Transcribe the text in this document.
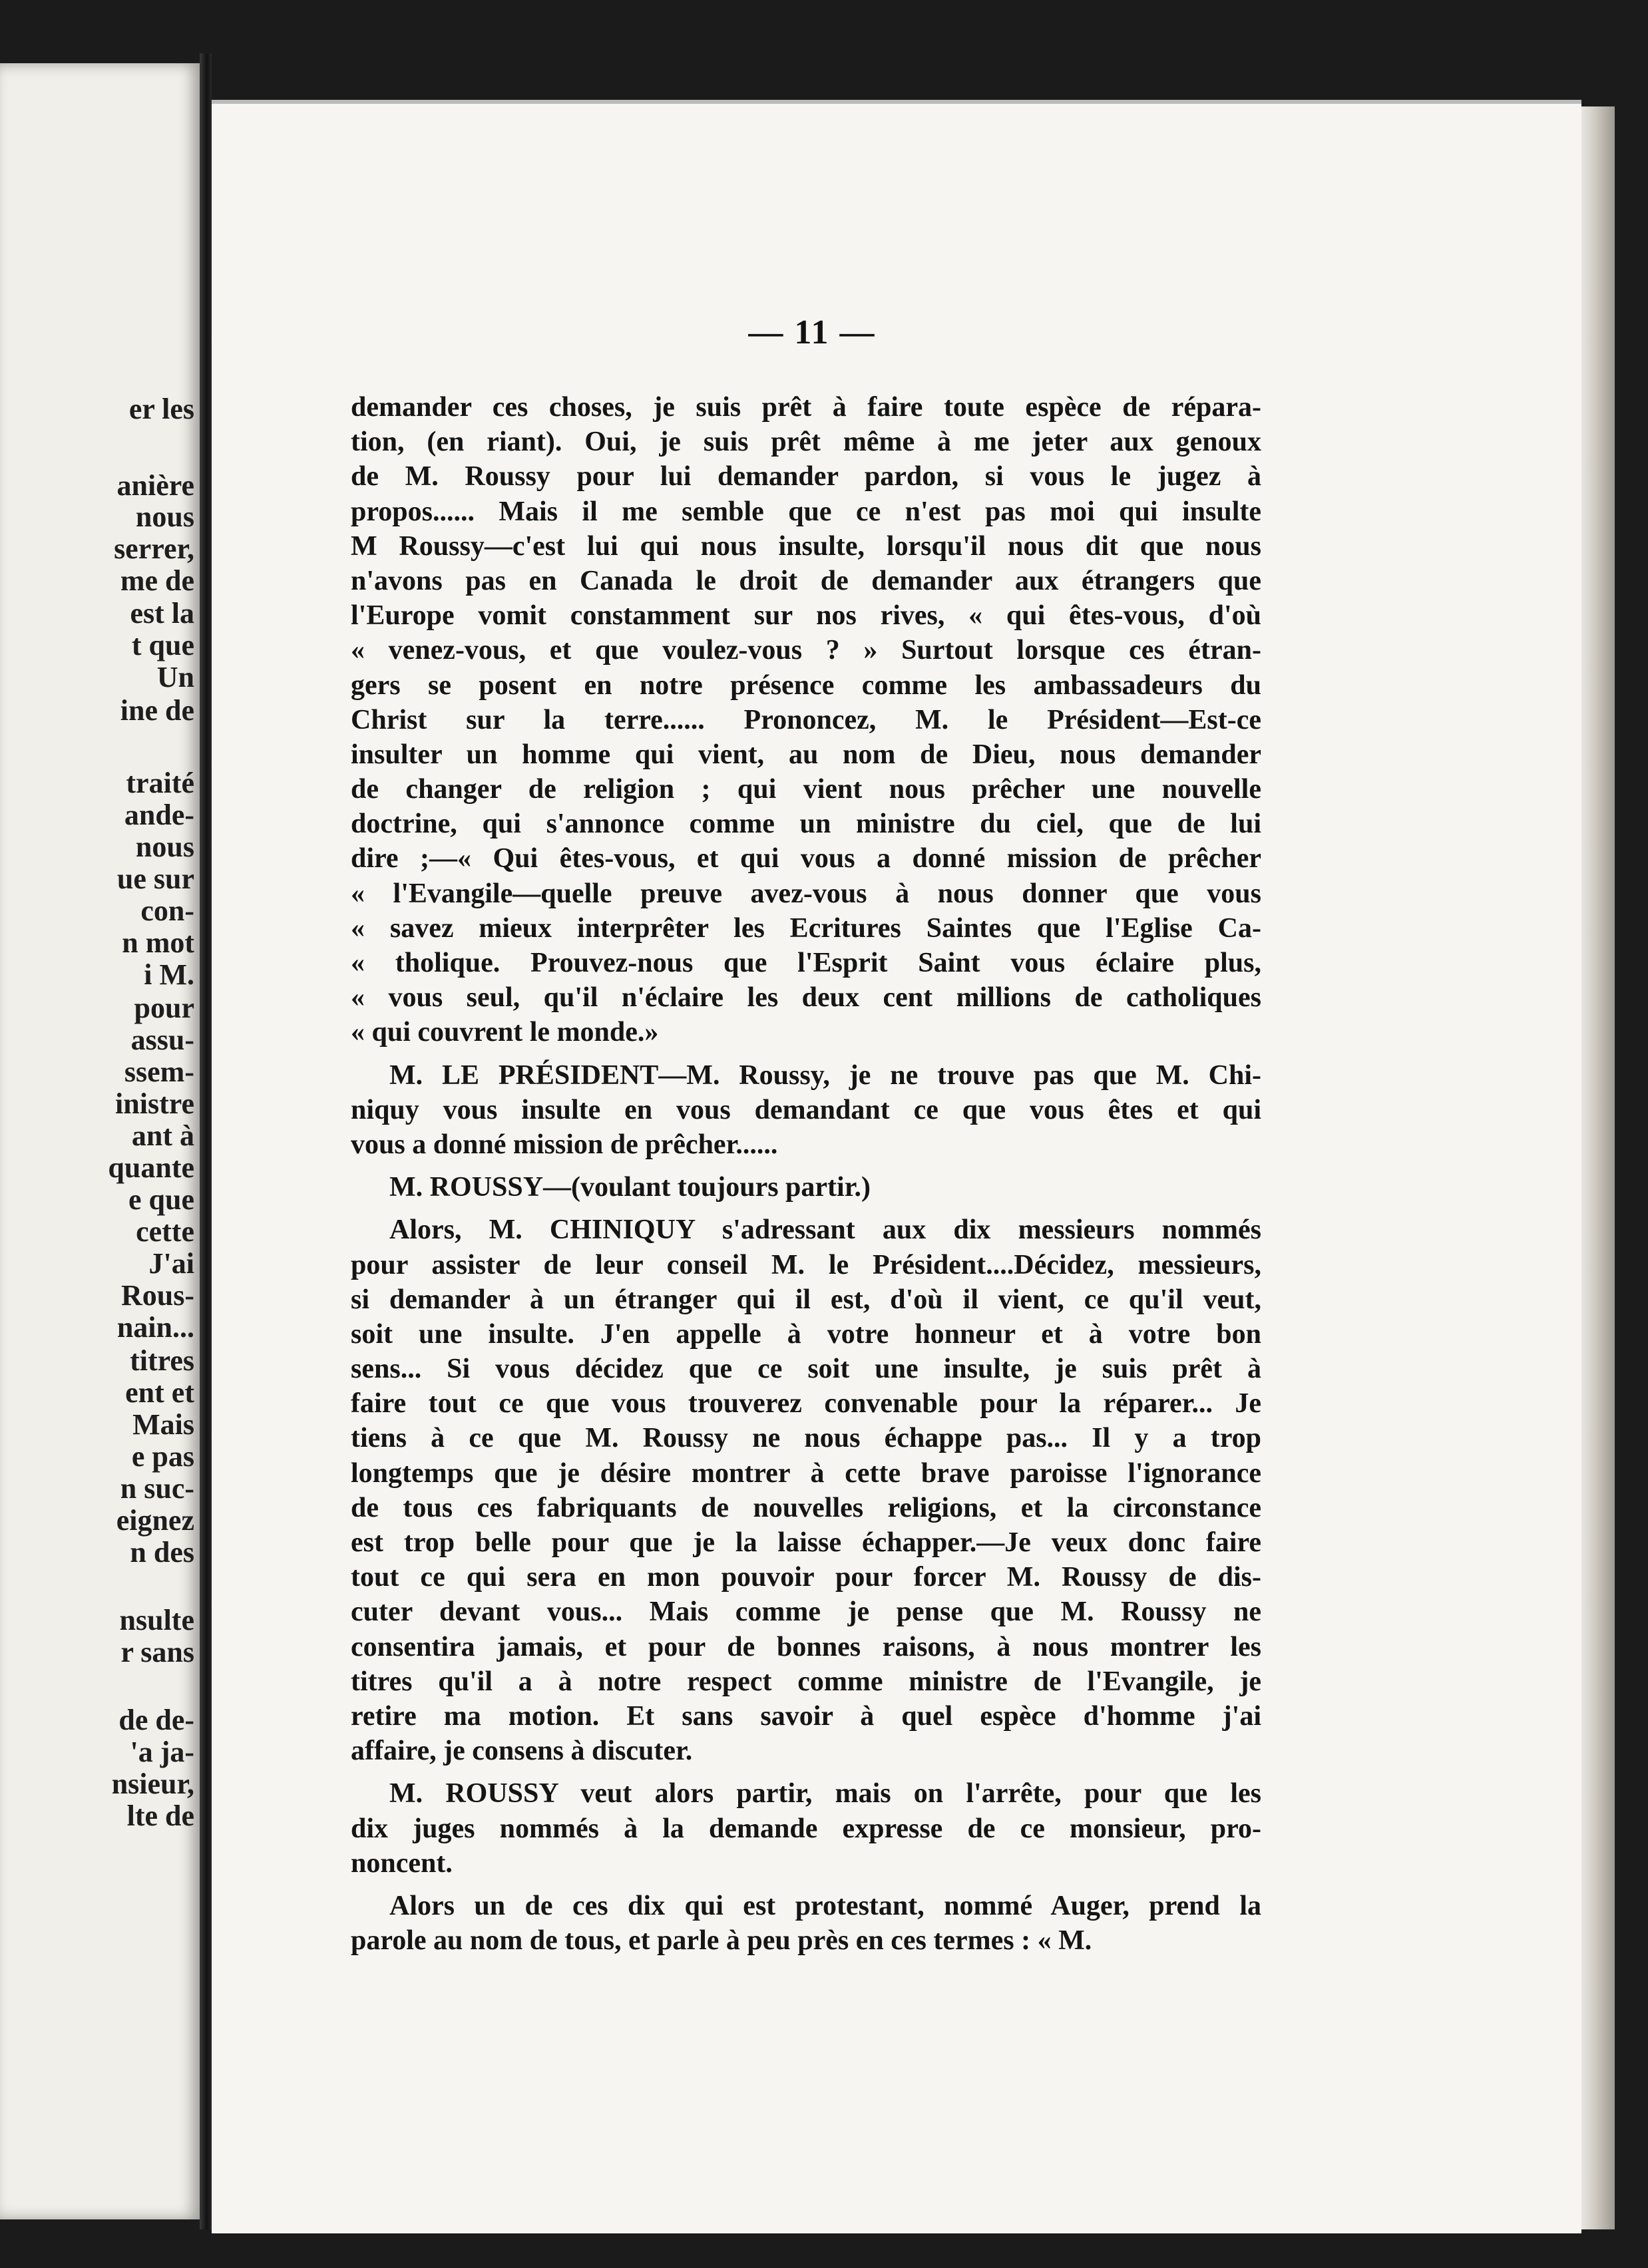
er les
anière
nous
serrer,
me de
est la
t que
Un
ine de
traité
ande-
nous
ue sur
con-
n mot
i M.
pour
assu-
ssem-
inistre
ant à
quante
e que
cette
J'ai
Rous-
nain...
titres
ent et
Mais
e pas
n suc-
eignez
n des
nsulte
r sans
de de-
'a ja-
nsieur,
lte de
— 11 —

demander ces choses, je suis prêt à faire toute espèce de répara-
tion, (en riant). Oui, je suis prêt même à me jeter aux genoux
de M. Roussy pour lui demander pardon, si vous le jugez à
propos...... Mais il me semble que ce n'est pas moi qui insulte
M Roussy—c'est lui qui nous insulte, lorsqu'il nous dit que nous
n'avons pas en Canada le droit de demander aux étrangers que
l'Europe vomit constamment sur nos rives, « qui êtes-vous, d'où
« venez-vous, et que voulez-vous ? » Surtout lorsque ces étran-
gers se posent en notre présence comme les ambassadeurs du
Christ sur la terre...... Prononcez, M. le Président—Est-ce
insulter un homme qui vient, au nom de Dieu, nous demander
de changer de religion ; qui vient nous prêcher une nouvelle
doctrine, qui s'annonce comme un ministre du ciel, que de lui
dire ;—« Qui êtes-vous, et qui vous a donné mission de prêcher
« l'Evangile—quelle preuve avez-vous à nous donner que vous
« savez mieux interprêter les Ecritures Saintes que l'Eglise Ca-
« tholique. Prouvez-nous que l'Esprit Saint vous éclaire plus,
« vous seul, qu'il n'éclaire les deux cent millions de catholiques
« qui couvrent le monde.»

M. LE PRÉSIDENT—M. Roussy, je ne trouve pas que M. Chi-
niquy vous insulte en vous demandant ce que vous êtes et qui
vous a donné mission de prêcher......

M. ROUSSY—(voulant toujours partir.)

Alors, M. CHINIQUY s'adressant aux dix messieurs nommés
pour assister de leur conseil M. le Président....Décidez, messieurs,
si demander à un étranger qui il est, d'où il vient, ce qu'il veut,
soit une insulte. J'en appelle à votre honneur et à votre bon
sens... Si vous décidez que ce soit une insulte, je suis prêt à
faire tout ce que vous trouverez convenable pour la réparer... Je
tiens à ce que M. Roussy ne nous échappe pas... Il y a trop
longtemps que je désire montrer à cette brave paroisse l'ignorance
de tous ces fabriquants de nouvelles religions, et la circonstance
est trop belle pour que je la laisse échapper.—Je veux donc faire
tout ce qui sera en mon pouvoir pour forcer M. Roussy de dis-
cuter devant vous... Mais comme je pense que M. Roussy ne
consentira jamais, et pour de bonnes raisons, à nous montrer les
titres qu'il a à notre respect comme ministre de l'Evangile, je
retire ma motion. Et sans savoir à quel espèce d'homme j'ai
affaire, je consens à discuter.

M. ROUSSY veut alors partir, mais on l'arrête, pour que les
dix juges nommés à la demande expresse de ce monsieur, pro-
noncent.

Alors un de ces dix qui est protestant, nommé Auger, prend la
parole au nom de tous, et parle à peu près en ces termes : « M.
